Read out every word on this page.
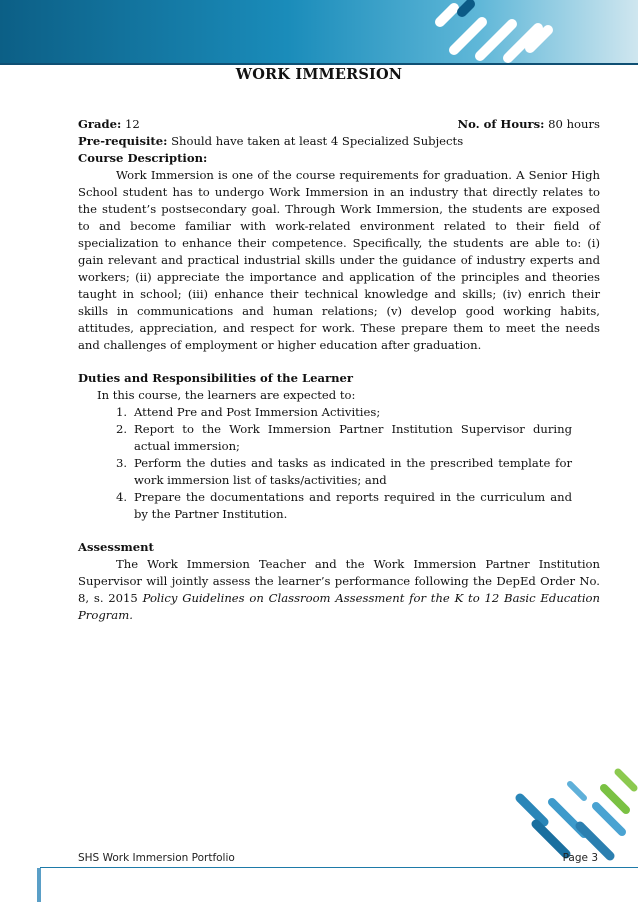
WORK IMMERSION
Grade: 12	No. of Hours: 80 hours
Pre-requisite: Should have taken at least 4 Specialized Subjects
Course Description:

Work Immersion is one of the course requirements for graduation. A Senior High School student has to undergo Work Immersion in an industry that directly relates to the student’s postsecondary goal. Through Work Immersion, the students are exposed to and become familiar with work-related environment related to their field of specialization to enhance their competence. Specifically, the students are able to: (i) gain relevant and practical industrial skills under the guidance of industry experts and workers; (ii) appreciate the importance and application of the principles and theories taught in school; (iii) enhance their technical knowledge and skills; (iv) enrich their skills in communications and human relations; (v) develop good working habits, attitudes, appreciation, and respect for work. These prepare them to meet the needs and challenges of employment or higher education after graduation.

Duties and Responsibilities of the Learner
In this course, the learners are expected to:
1. Attend Pre and Post Immersion Activities;
2. Report to the Work Immersion Partner Institution Supervisor during actual immersion;
3. Perform the duties and tasks as indicated in the prescribed template for work immersion list of tasks/activities; and
4. Prepare the documentations and reports required in the curriculum and by the Partner Institution.
Assessment

The Work Immersion Teacher and the Work Immersion Partner Institution Supervisor will jointly assess the learner’s performance following the DepEd Order No. 8, s. 2015 Policy Guidelines on Classroom Assessment for the K to 12 Basic Education Program.

SHS Work Immersion Portfolio	Page 3
